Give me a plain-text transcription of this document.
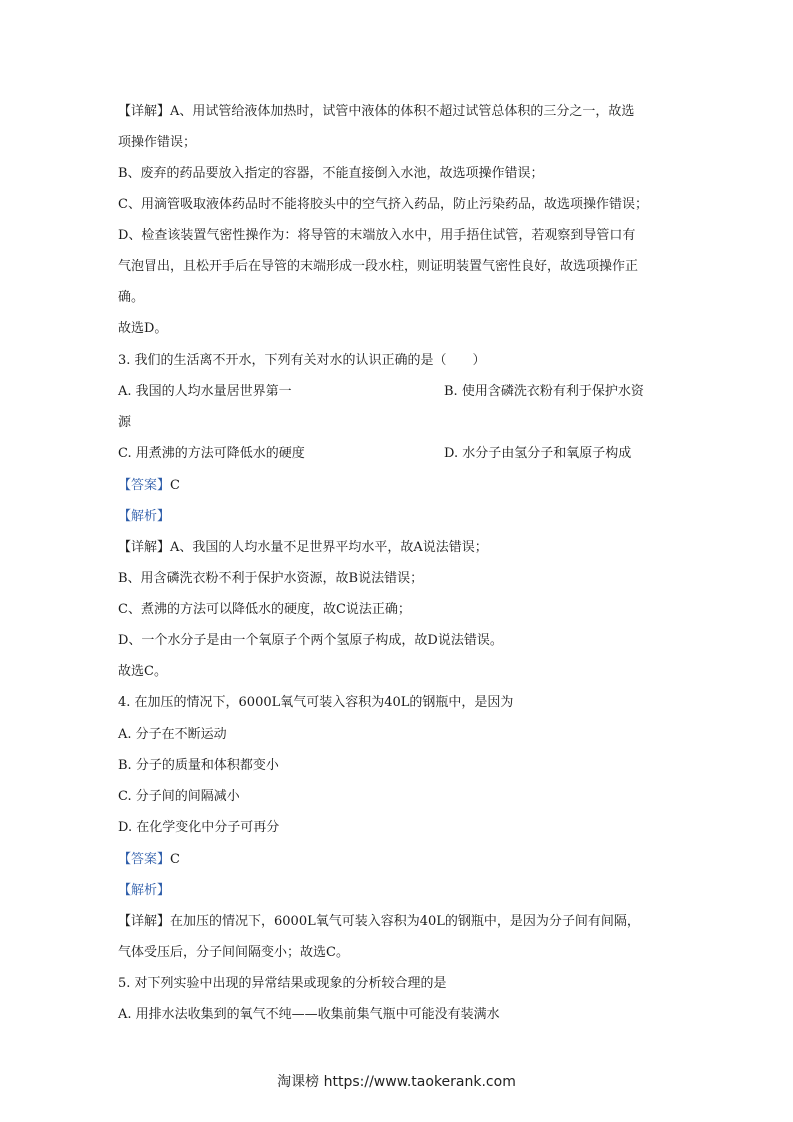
【详解】A、用试管给液体加热时，试管中液体的体积不超过试管总体积的三分之一，故选
项操作错误；
B、废弃的药品要放入指定的容器，不能直接倒入水池，故选项操作错误；
C、用滴管吸取液体药品时不能将胶头中的空气挤入药品，防止污染药品，故选项操作错误；
D、检查该装置气密性操作为：将导管的末端放入水中，用手捂住试管，若观察到导管口有
气泡冒出，且松开手后在导管的末端形成一段水柱，则证明装置气密性良好，故选项操作正
确。
故选D。
3. 我们的生活离不开水，下列有关对水的认识正确的是（　　）
A. 我国的人均水量居世界第一	B. 使用含磷洗衣粉有利于保护水资
源
C. 用煮沸的方法可降低水的硬度	D. 水分子由氢分子和氧原子构成
【答案】C
【解析】
【详解】A、我国的人均水量不足世界平均水平，故A说法错误；
B、用含磷洗衣粉不利于保护水资源，故B说法错误；
C、煮沸的方法可以降低水的硬度，故C说法正确；
D、一个水分子是由一个氧原子个两个氢原子构成，故D说法错误。
故选C。
4. 在加压的情况下，6000L氧气可装入容积为40L的钢瓶中，是因为
A. 分子在不断运动
B. 分子的质量和体积都变小
C. 分子间的间隔减小
D. 在化学变化中分子可再分
【答案】C
【解析】
【详解】在加压的情况下，6000L氧气可装入容积为40L的钢瓶中，是因为分子间有间隔，
气体受压后，分子间间隔变小；故选C。
5. 对下列实验中出现的异常结果或现象的分析较合理的是
A. 用排水法收集到的氧气不纯——收集前集气瓶中可能没有装满水
淘课榜 https://www.taokerank.com
